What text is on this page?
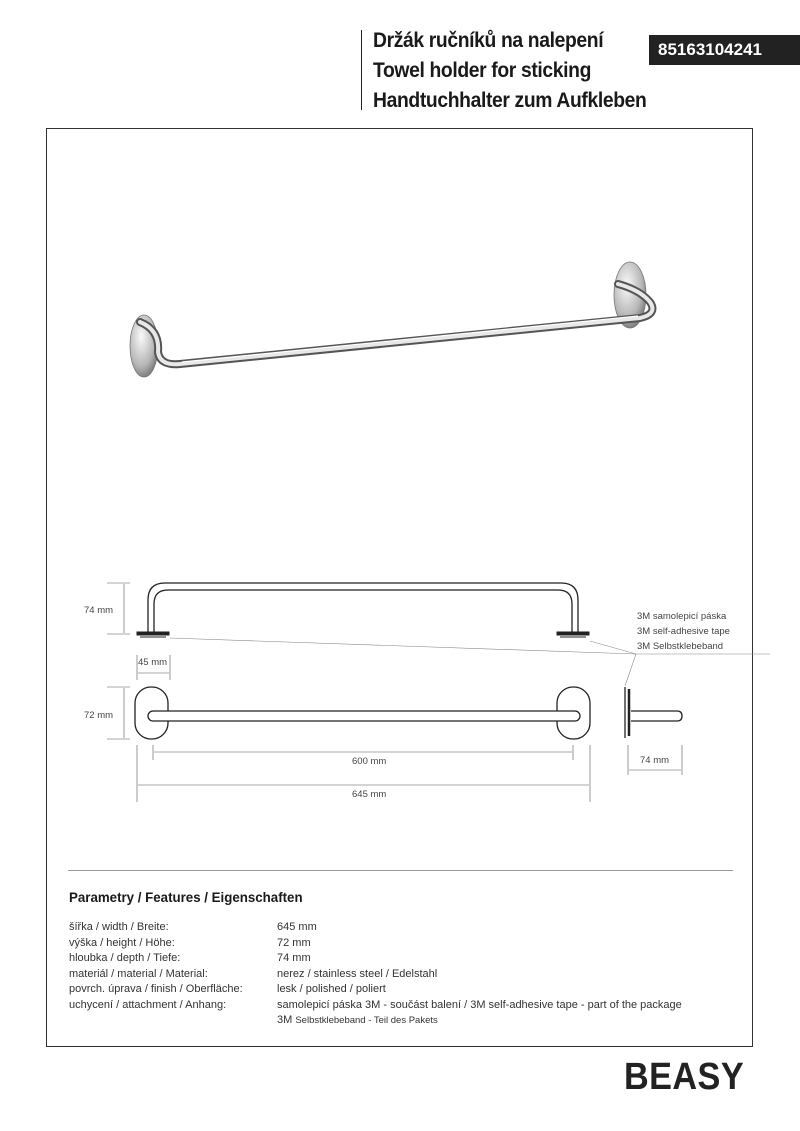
Držák ručníků na nalepení
Towel holder for sticking
Handtuchhalter zum Aufkleben
85163104241
74 mm
45 mm
72 mm
600 mm
645 mm
74 mm
3M samolepicí páska
3M self-adhesive tape
3M Selbstklebeband
Parametry / Features / Eigenschaften
šířka / width / Breite:	645 mm
výška / height / Höhe:	72 mm
hloubka / depth / Tiefe:	74 mm
materiál / material / Material:	nerez / stainless steel / Edelstahl
povrch. úprava / finish / Oberfläche:	lesk / polished / poliert
uchycení / attachment / Anhang:	samolepicí páska 3M - součást balení / 3M self-adhesive tape - part of the package
3M Selbstklebeband - Teil des Pakets
BEASY
